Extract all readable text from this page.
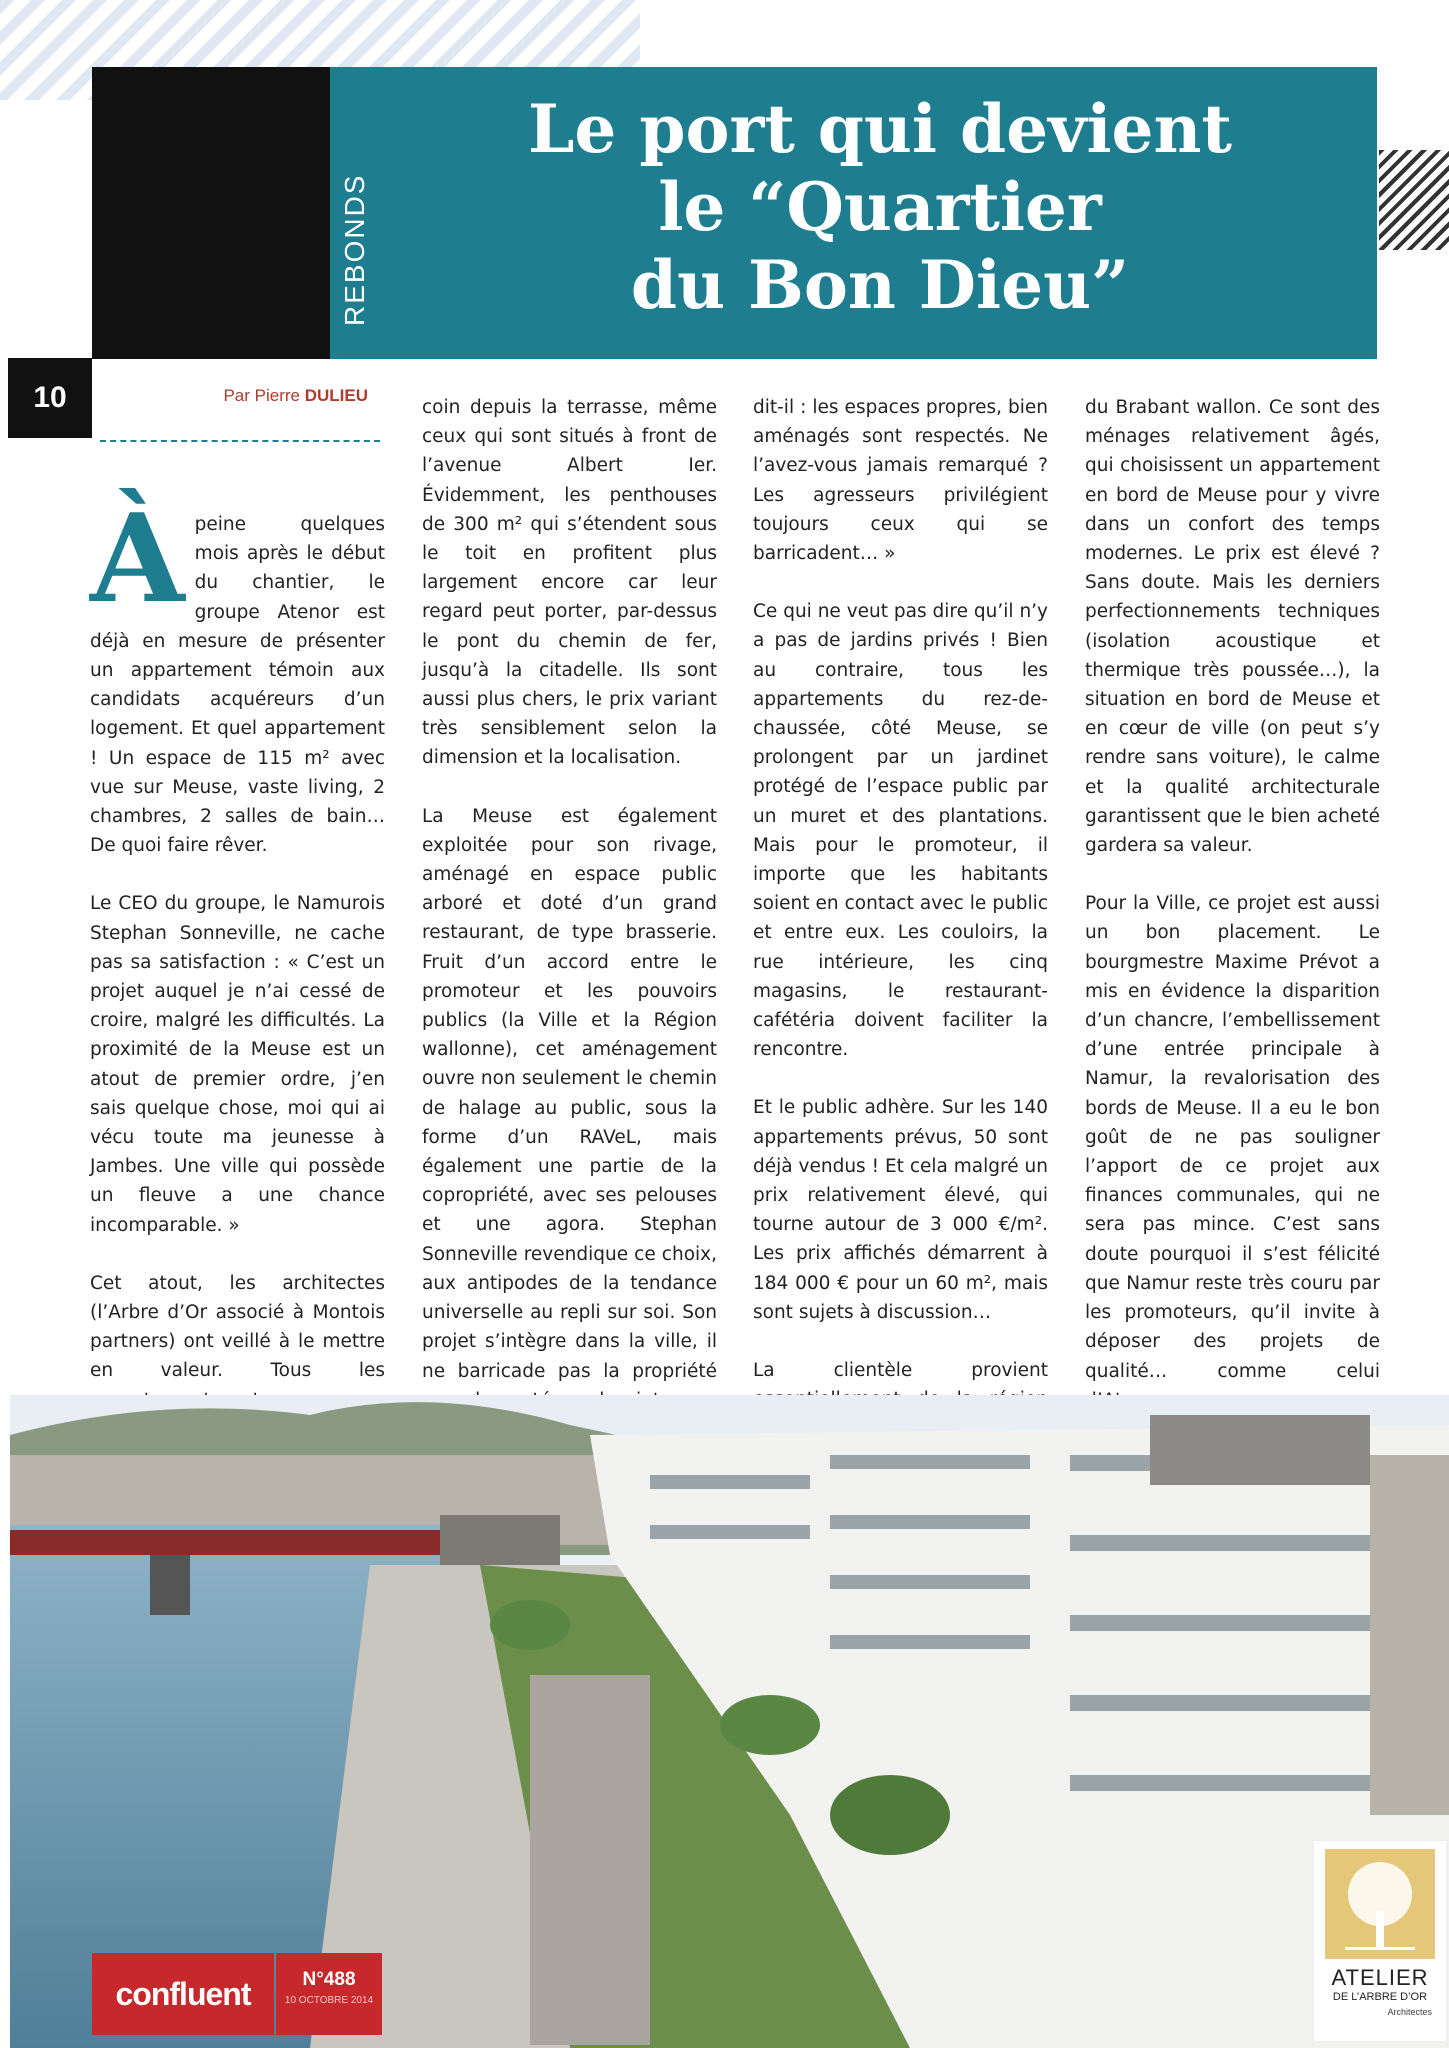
REBONDS
Le port qui devient
le “Quartier
du Bon Dieu”
10	Par Pierre DULIEU

Àpeine quelques mois après le début du chantier, le groupe Atenor est déjà en mesure de présenter un appartement témoin aux candidats acquéreurs d’un logement. Et quel appartement ! Un espace de 115 m² avec vue sur Meuse, vaste living, 2 chambres, 2 salles de bain… De quoi faire rêver.

Le CEO du groupe, le Namurois Stephan Sonneville, ne cache pas sa satisfaction : « C’est un projet auquel je n’ai cessé de croire, malgré les difficultés. La proximité de la Meuse est un atout de premier ordre, j’en sais quelque chose, moi qui ai vécu toute ma jeunesse à Jambes. Une ville qui possède un fleuve a une chance incomparable. »

Cet atout, les architectes (l’Arbre d’Or associé à Montois partners) ont veillé à le mettre en valeur. Tous les

coin depuis la terrasse, même ceux qui sont situés à front de l’avenue Albert Ier. Évidemment, les penthouses de 300 m² qui s’étendent sous le toit en profitent plus largement encore car leur regard peut porter, par-dessus le pont du chemin de fer, jusqu’à la citadelle. Ils sont aussi plus chers, le prix variant très sensiblement selon la dimension et la localisation.

La Meuse est également exploitée pour son rivage, aménagé en espace public arboré et doté d’un grand restaurant, de type brasserie. Fruit d’un accord entre le promoteur et les pouvoirs publics (la Ville et la Région wallonne), cet aménagement ouvre non seulement le chemin de halage au public, sous la forme d’un RAVeL, mais également une partie de la copropriété, avec ses pelouses et une agora. Stephan Sonneville revendique ce choix, aux antipodes de la tendance universelle au repli sur soi. Son projet s’intègre dans la ville, il ne barricade pas la propriété

dit-il : les espaces propres, bien aménagés sont respectés. Ne l’avez-vous jamais remarqué ? Les agresseurs privilégient toujours ceux qui se barricadent… »

Ce qui ne veut pas dire qu’il n’y a pas de jardins privés ! Bien au contraire, tous les appartements du rez-de-chaussée, côté Meuse, se prolongent par un jardinet protégé de l’espace public par un muret et des plantations. Mais pour le promoteur, il importe que les habitants soient en contact avec le public et entre eux. Les couloirs, la rue intérieure, les cinq magasins, le restaurant-cafétéria doivent faciliter la rencontre.

Et le public adhère. Sur les 140 appartements prévus, 50 sont déjà vendus ! Et cela malgré un prix relativement élevé, qui tourne autour de 3 000 €/m². Les prix affichés démarrent à 184 000 € pour un 60 m², mais sont sujets à discussion…

La clientèle provient

du Brabant wallon. Ce sont des ménages relativement âgés, qui choisissent un appartement en bord de Meuse pour y vivre dans un confort des temps modernes. Le prix est élevé ? Sans doute. Mais les derniers perfectionnements techniques (isolation acoustique et thermique très poussée…), la situation en bord de Meuse et en cœur de ville (on peut s’y rendre sans voiture), le calme et la qualité architecturale garantissent que le bien acheté gardera sa valeur.

Pour la Ville, ce projet est aussi un bon placement. Le bourgmestre Maxime Prévot a mis en évidence la disparition d’un chancre, l’embellissement d’une entrée principale à Namur, la revalorisation des bords de Meuse. Il a eu le bon goût de ne pas souligner l’apport de ce projet aux finances communales, qui ne sera pas mince. C’est sans doute pourquoi il s’est félicité que Namur reste très couru par les promoteurs, qu’il invite à déposer des projets de qualité… comme celui

confluent	N°488
10 OCTOBRE 2014
ATELIER
DE L’ARBRE D’OR
Architectes
